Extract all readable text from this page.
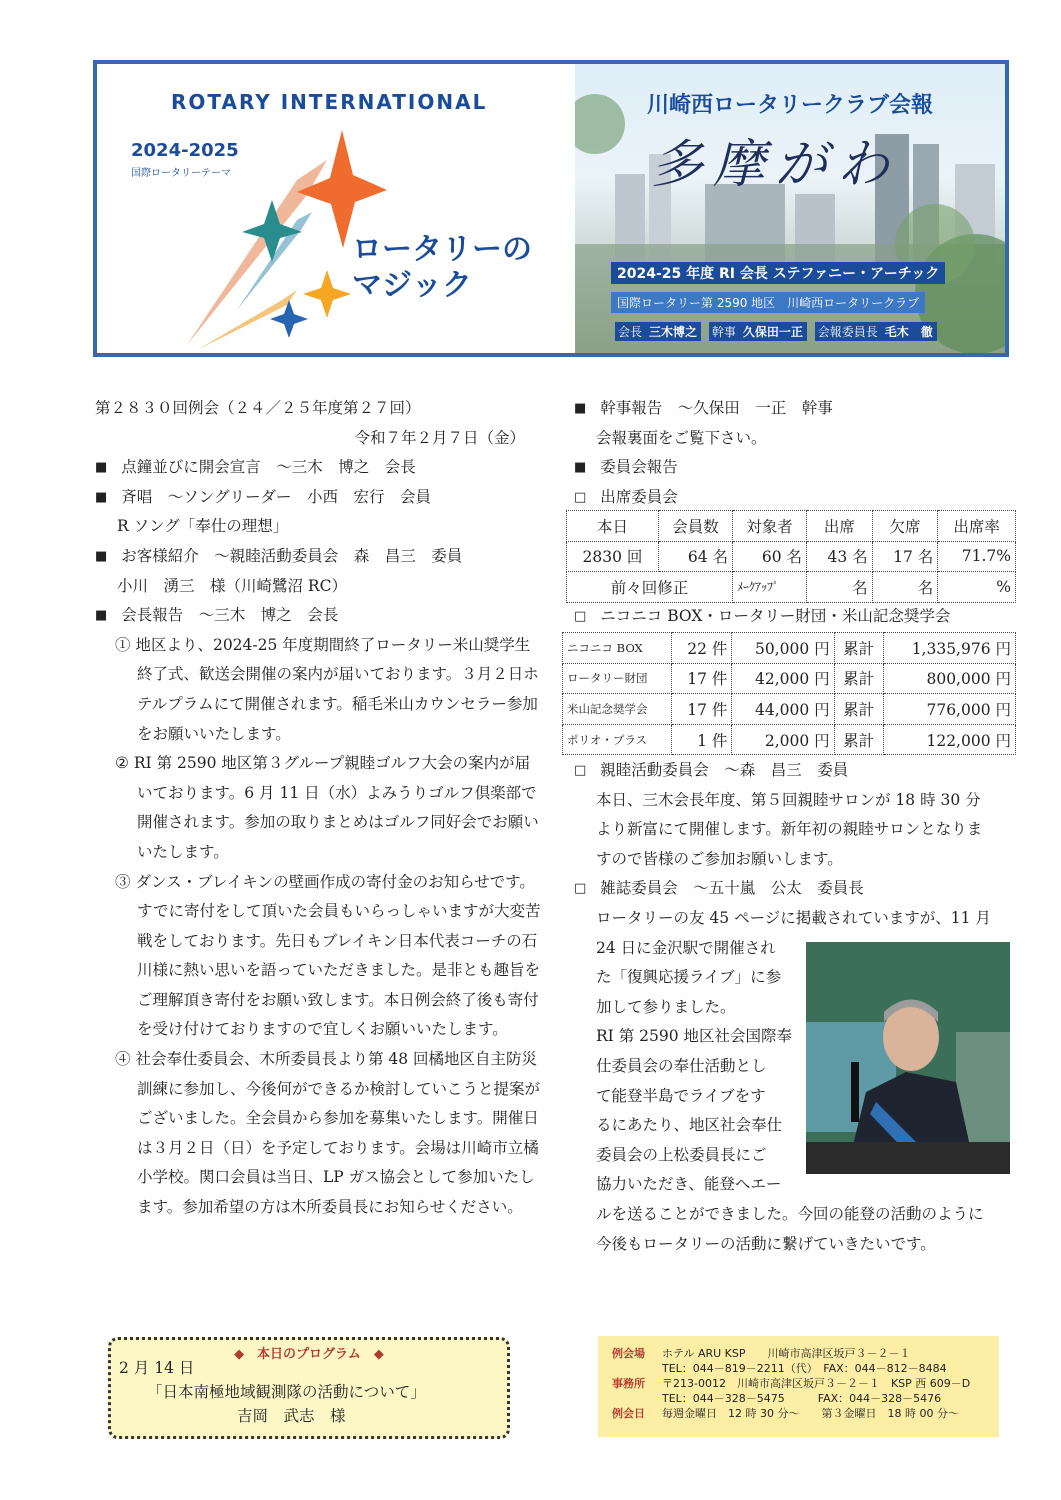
ROTARY INTERNATIONAL
2024-2025
国際ロータリーテーマ
ロータリーの
マジック
川崎西ロータリークラブ会報
多摩がわ
2024-25 年度 RI 会長 ステファニー・アーチック
国際ロータリー第 2590 地区　川崎西ロータリークラブ
会長 三木博之 幹事 久保田一正 会報委員長 毛木　徹
第２８３０回例会（２４／２５年度第２７回）
令和７年２月７日（金）
■ 点鐘並びに開会宣言　～三木　博之　会長
■ 斉唱　～ソングリーダー　小西　宏行　会員
R ソング「奉仕の理想」
■ お客様紹介　～親睦活動委員会　森　昌三　委員
小川　湧三　様（川崎鷺沼 RC）
■ 会長報告　～三木　博之　会長
① 地区より、2024-25 年度期間終了ロータリー米山奨学生終了式、歓送会開催の案内が届いております。３月２日ホテルプラムにて開催されます。稲毛米山カウンセラー参加をお願いいたします。
② RI 第 2590 地区第３グループ親睦ゴルフ大会の案内が届いております。6 月 11 日（水）よみうりゴルフ倶楽部で開催されます。参加の取りまとめはゴルフ同好会でお願いいたします。
③ ダンス・ブレイキンの壁画作成の寄付金のお知らせです。すでに寄付をして頂いた会員もいらっしゃいますが大変苦戦をしております。先日もブレイキン日本代表コーチの石川様に熱い思いを語っていただきました。是非とも趣旨をご理解頂き寄付をお願い致します。本日例会終了後も寄付を受け付けておりますので宜しくお願いいたします。
④ 社会奉仕委員会、木所委員長より第 48 回橘地区自主防災訓練に参加し、今後何ができるか検討していこうと提案がございました。全会員から参加を募集いたします。開催日は３月２日（日）を予定しております。会場は川崎市立橘小学校。関口会員は当日、LP ガス協会として参加いたします。参加希望の方は木所委員長にお知らせください。
■ 幹事報告　～久保田　一正　幹事
会報裏面をご覧下さい。
■ 委員会報告
□ 出席委員会
本日	会員数	対象者	出席	欠席	出席率
2830 回	64 名	60 名	43 名	17 名	71.7%
前々回修正		ﾒｰｸｱｯﾌﾟ	名	名	%
□ ニコニコ BOX・ロータリー財団・米山記念奨学会
ニコニコ BOX	22 件	50,000 円	累計	1,335,976 円
ロータリー財団	17 件	42,000 円	累計	800,000 円
米山記念奨学会	17 件	44,000 円	累計	776,000 円
ポリオ・プラス	1 件	2,000 円	累計	122,000 円
□ 親睦活動委員会　～森　昌三　委員
本日、三木会長年度、第５回親睦サロンが 18 時 30 分
より新富にて開催します。新年初の親睦サロンとなりま
すので皆様のご参加お願いします。
□ 雑誌委員会　～五十嵐　公太　委員長
ロータリーの友 45 ページに掲載されていますが、11 月
24 日に金沢駅で開催され
た「復興応援ライブ」に参
加して参りました。
RI 第 2590 地区社会国際奉
仕委員会の奉仕活動とし
て能登半島でライブをす
るにあたり、地区社会奉仕
委員会の上松委員長にご
協力いただき、能登へエー
ルを送ることができました。今回の能登の活動のように
今後もロータリーの活動に繋げていきたいです。
◆　本日のプログラム　◆
2 月 14 日
「日本南極地域観測隊の活動について」
吉岡　武志　様
例会場 ホテル ARU KSP　　川崎市高津区坂戸３－２－１
TEL：044－819－2211（代）　FAX：044－812－8484
事務所 〒213-0012　川崎市高津区坂戸３－２－１　KSP 西 609－D
TEL：044－328－5475　　　FAX：044－328－5476
例会日 毎週金曜日　12 時 30 分～　　第３金曜日　18 時 00 分～
